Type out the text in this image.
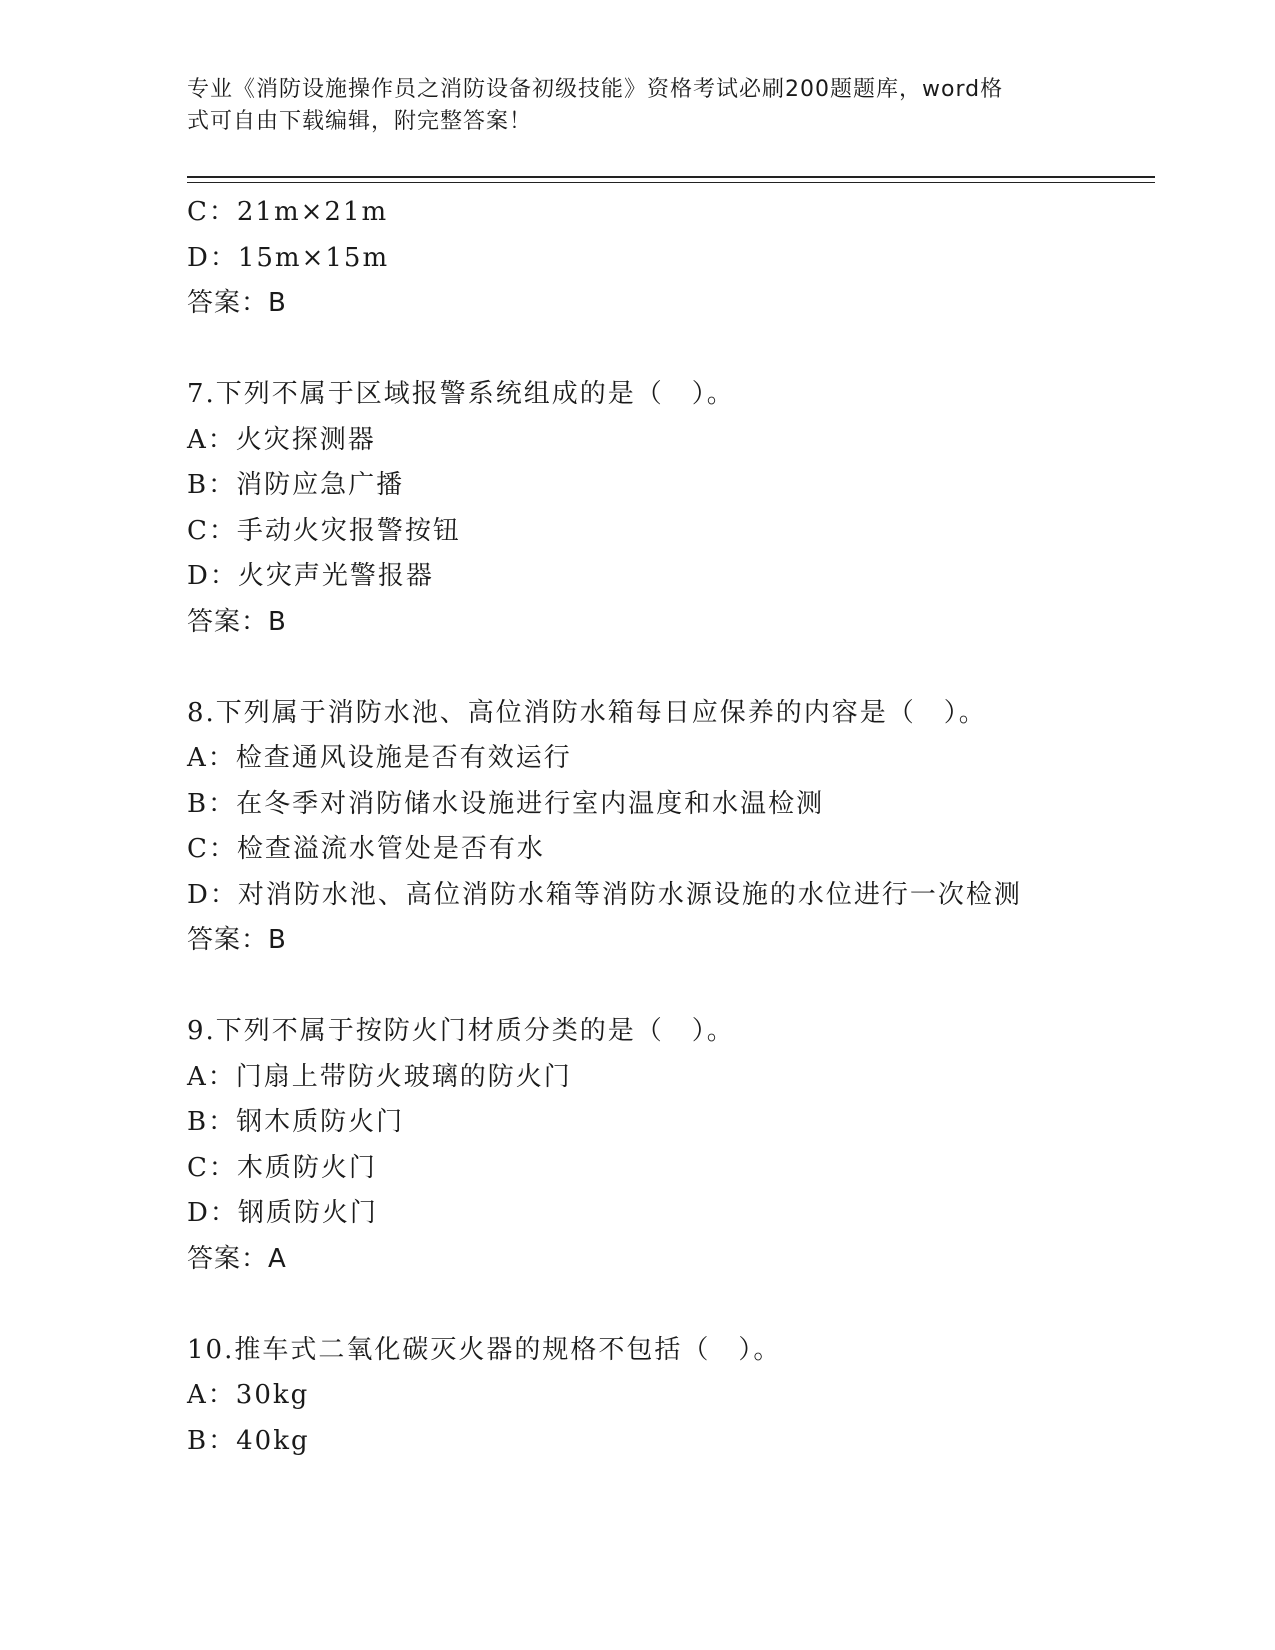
专业《消防设施操作员之消防设备初级技能》资格考试必刷200题题库，word格
式可自由下载编辑，附完整答案！
C：21m×21m
D：15m×15m
答案：B
7.下列不属于区域报警系统组成的是（　）。
A：火灾探测器
B：消防应急广播
C：手动火灾报警按钮
D：火灾声光警报器
答案：B
8.下列属于消防水池、高位消防水箱每日应保养的内容是（　）。
A：检查通风设施是否有效运行
B：在冬季对消防储水设施进行室内温度和水温检测
C：检查溢流水管处是否有水
D：对消防水池、高位消防水箱等消防水源设施的水位进行一次检测
答案：B
9.下列不属于按防火门材质分类的是（　）。
A：门扇上带防火玻璃的防火门
B：钢木质防火门
C：木质防火门
D：钢质防火门
答案：A
10.推车式二氧化碳灭火器的规格不包括（　）。
A：30kg
B：40kg
